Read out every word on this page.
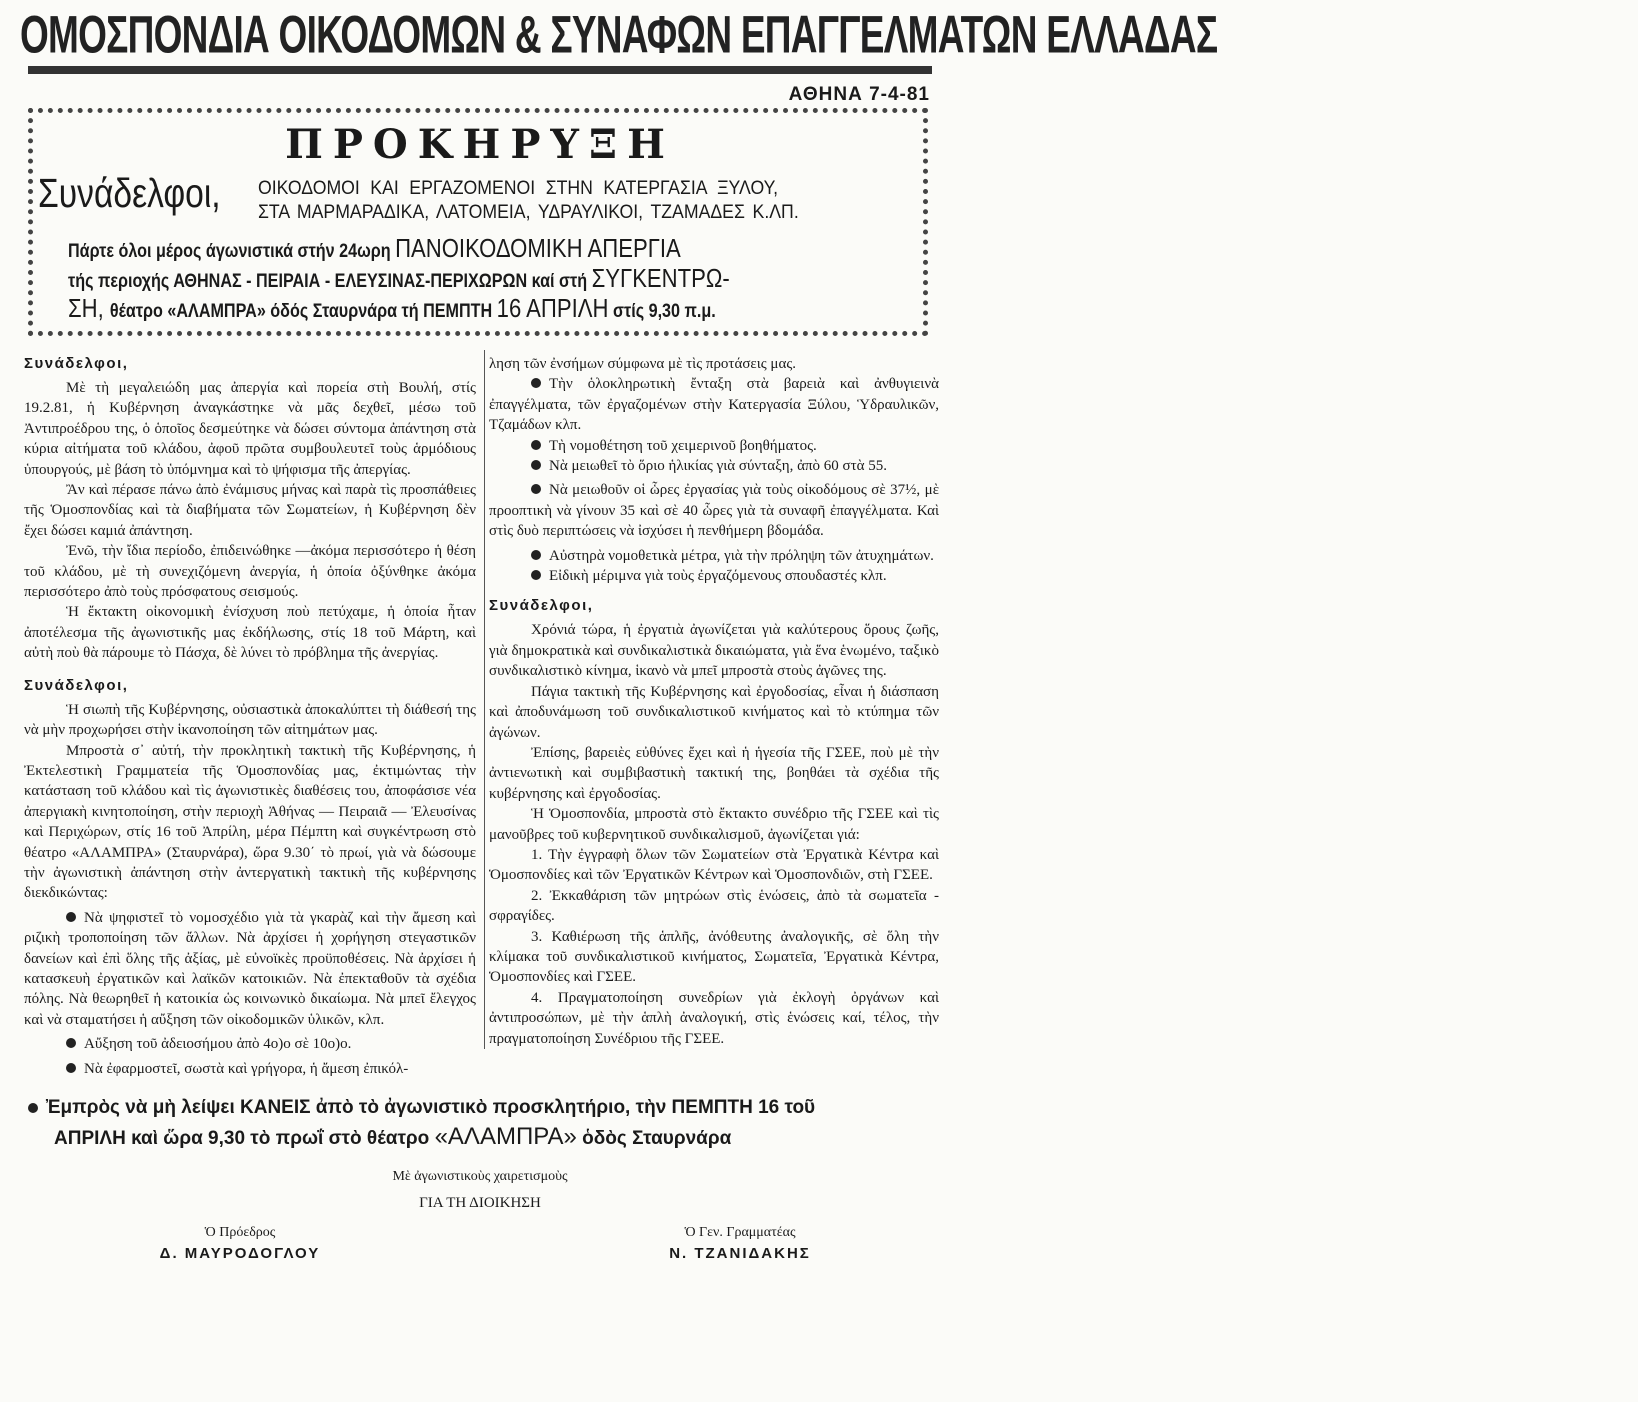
ΟΜΟΣΠΟΝΔΙΑ ΟΙΚΟΔΟΜΩΝ & ΣΥΝΑΦΩΝ ΕΠΑΓΓΕΛΜΑΤΩΝ ΕΛΛΑΔΑΣ
ΑΘΗΝΑ 7-4-81
ΠΡΟΚΗΡΥΞΗ
Συνάδελφοι, ΟΙΚΟΔΟΜΟΙ ΚΑΙ ΕΡΓΑΖΟΜΕΝΟΙ ΣΤΗΝ ΚΑΤΕΡΓΑΣΙΑ ΞΥΛΟΥ,
ΣΤΑ ΜΑΡΜΑΡΑΔΙΚΑ, ΛΑΤΟΜΕΙΑ, ΥΔΡΑΥΛΙΚΟΙ, ΤΖΑΜΑΔΕΣ Κ.ΛΠ.
Πάρτε όλοι μέρος άγωνιστικά στήν 24ωρη ΠΑΝΟΙΚΟΔΟΜΙΚΗ ΑΠΕΡΓΙΑ
τής περιοχής ΑΘΗΝΑΣ - ΠΕΙΡΑΙΑ - ΕΛΕΥΣΙΝΑΣ-ΠΕΡΙΧΩΡΩΝ καί στή ΣΥΓΚΕΝΤΡΩ-
ΣΗ, θέατρο «ΑΛΑΜΠΡΑ» όδός Σταυρνάρα τή ΠΕΜΠΤΗ 16 ΑΠΡΙΛΗ στίς 9,30 π.μ.

Συνάδελφοι,

Μὲ τὴ μεγαλειώδη μας ἀπεργία καὶ πορεία στὴ Βουλή, στίς 19.2.81, ἡ Κυβέρνηση ἀναγκάστηκε νὰ μᾶς δεχθεῖ, μέσω τοῦ Ἀντιπροέδρου της, ὁ ὁποῖος δεσμεύτηκε νὰ δώσει σύντομα ἀπάντηση στὰ κύρια αἰτήματα τοῦ κλάδου, ἀφοῦ πρῶτα συμβουλευτεῖ τοὺς ἁρμόδιους ὑπουργούς, μὲ βάση τὸ ὑπόμνημα καὶ τὸ ψήφισμα τῆς ἀπεργίας.

Ἂν καὶ πέρασε πάνω ἀπὸ ἐνάμισυς μήνας καὶ παρὰ τὶς προσπάθειες τῆς Ὁμοσπονδίας καὶ τὰ διαβήματα τῶν Σωματείων, ἡ Κυβέρνηση δὲν ἔχει δώσει καμιά ἀπάντηση.

Ἐνῶ, τὴν ἴδια περίοδο, ἐπιδεινώθηκε —ἀκόμα περισσότερο ἡ θέση τοῦ κλάδου, μὲ τὴ συνεχιζόμενη ἀνεργία, ἡ ὁποία ὀξύνθηκε ἀκόμα περισσότερο ἀπὸ τοὺς πρόσφατους σεισμούς.

Ἡ ἔκτακτη οἰκονομικὴ ἐνίσχυση ποὺ πετύχαμε, ἡ ὁποία ἦταν ἀποτέλεσμα τῆς ἀγωνιστικῆς μας ἐκδήλωσης, στίς 18 τοῦ Μάρτη, καὶ αὐτὴ ποὺ θὰ πάρουμε τὸ Πάσχα, δὲ λύνει τὸ πρόβλημα τῆς ἀνεργίας.

Συνάδελφοι,

Ἡ σιωπὴ τῆς Κυβέρνησης, οὐσιαστικὰ ἀποκαλύπτει τὴ διάθεσή της νὰ μὴν προχωρήσει στὴν ἱκανοποίηση τῶν αἰτημάτων μας.

Μπροστὰ σ᾽ αὐτή, τὴν προκλητικὴ τακτικὴ τῆς Κυβέρνησης, ἡ Ἐκτελεστικὴ Γραμματεία τῆς Ὁμοσπονδίας μας, ἐκτιμώντας τὴν κατάσταση τοῦ κλάδου καὶ τὶς ἀγωνιστικὲς διαθέσεις του, ἀποφάσισε νέα ἀπεργιακὴ κινητοποίηση, στὴν περιοχὴ Ἀθήνας — Πειραιᾶ — Ἐλευσίνας καὶ Περιχώρων, στίς 16 τοῦ Ἀπρίλη, μέρα Πέμπτη καὶ συγκέντρωση στὸ θέατρο «ΑΛΑΜΠΡΑ» (Σταυρνάρα), ὥρα 9.30΄ τὸ πρωί, γιὰ νὰ δώσουμε τὴν ἀγωνιστικὴ ἀπάντηση στὴν ἀντεργατικὴ τακτικὴ τῆς κυβέρνησης διεκδικώντας:

Νὰ ψηφιστεῖ τὸ νομοσχέδιο γιὰ τὰ γκαρὰζ καὶ τὴν ἄμεση καὶ ριζικὴ τροποποίηση τῶν ἄλλων. Νὰ ἀρχίσει ἡ χορήγηση στεγαστικῶν δανείων καὶ ἐπὶ ὅλης τῆς ἀξίας, μὲ εὐνοϊκὲς προϋποθέσεις. Νὰ ἀρχίσει ἡ κατασκευὴ ἐργατικῶν καὶ λαϊκῶν κατοικιῶν. Νὰ ἐπεκταθοῦν τὰ σχέδια πόλης. Νὰ θεωρηθεῖ ἡ κατοικία ὡς κοινωνικὸ δικαίωμα. Νὰ μπεῖ ἔλεγχος καὶ νὰ σταματήσει ἡ αὔξηση τῶν οἰκοδομικῶν ὑλικῶν, κλπ.

Αὔξηση τοῦ ἀδειοσήμου ἀπὸ 4ο)ο σὲ 10ο)ο.

Νὰ ἐφαρμοστεῖ, σωστὰ καὶ γρήγορα, ἡ ἄμεση ἐπικόλ-

ληση τῶν ἐνσήμων σύμφωνα μὲ τὶς προτάσεις μας.

Τὴν ὁλοκληρωτικὴ ἔνταξη στὰ βαρειὰ καὶ ἀνθυγιεινὰ ἐπαγγέλματα, τῶν ἐργαζομένων στὴν Κατεργασία Ξύλου, Ὑδραυλικῶν, Τζαμάδων κλπ.

Τὴ νομοθέτηση τοῦ χειμερινοῦ βοηθήματος.

Νὰ μειωθεῖ τὸ ὅριο ἡλικίας γιὰ σύνταξη, ἀπὸ 60 στὰ 55.

Νὰ μειωθοῦν οἱ ὧρες ἐργασίας γιὰ τοὺς οἰκοδόμους σὲ 37½, μὲ προοπτικὴ νὰ γίνουν 35 καὶ σὲ 40 ὧρες γιὰ τὰ συναφῆ ἐπαγγέλματα. Καὶ στὶς δυὸ περιπτώσεις νὰ ἰσχύσει ἡ πενθήμερη βδομάδα.

Αὐστηρὰ νομοθετικὰ μέτρα, γιὰ τὴν πρόληψη τῶν ἀτυχημάτων.

Εἰδικὴ μέριμνα γιὰ τοὺς ἐργαζόμενους σπουδαστές κλπ.

Συνάδελφοι,

Χρόνιά τώρα, ἡ ἐργατιὰ ἀγωνίζεται γιὰ καλύτερους ὅρους ζωῆς, γιὰ δημοκρατικὰ καὶ συνδικαλιστικὰ δικαιώματα, γιὰ ἕνα ἑνωμένο, ταξικὸ συνδικαλιστικὸ κίνημα, ἱκανὸ νὰ μπεῖ μπροστὰ στοὺς ἀγῶνες της.

Πάγια τακτικὴ τῆς Κυβέρνησης καὶ ἐργοδοσίας, εἶναι ἡ διάσπαση καὶ ἀποδυνάμωση τοῦ συνδικαλιστικοῦ κινήματος καὶ τὸ κτύπημα τῶν ἀγώνων.

Ἐπίσης, βαρειὲς εὐθύνες ἔχει καὶ ἡ ἡγεσία τῆς ΓΣΕΕ, ποὺ μὲ τὴν ἀντιενωτικὴ καὶ συμβιβαστικὴ τακτική της, βοηθάει τὰ σχέδια τῆς κυβέρνησης καὶ ἐργοδοσίας.

Ἡ Ὁμοσπονδία, μπροστὰ στὸ ἔκτακτο συνέδριο τῆς ΓΣΕΕ καὶ τὶς μανοῦβρες τοῦ κυβερνητικοῦ συνδικαλισμοῦ, ἀγωνίζεται γιά:

1. Τὴν ἐγγραφὴ ὅλων τῶν Σωματείων στὰ Ἐργατικὰ Κέντρα καὶ Ὁμοσπονδίες καὶ τῶν Ἐργατικῶν Κέντρων καὶ Ὁμοσπονδιῶν, στὴ ΓΣΕΕ.

2. Ἐκκαθάριση τῶν μητρώων στὶς ἑνώσεις, ἀπὸ τὰ σωματεῖα - σφραγίδες.

3. Καθιέρωση τῆς ἁπλῆς, ἀνόθευτης ἀναλογικῆς, σὲ ὅλη τὴν κλίμακα τοῦ συνδικαλιστικοῦ κινήματος, Σωματεῖα, Ἐργατικὰ Κέντρα, Ὁμοσπονδίες καὶ ΓΣΕΕ.

4. Πραγματοποίηση συνεδρίων γιὰ ἐκλογὴ ὀργάνων καὶ ἀντιπροσώπων, μὲ τὴν ἁπλὴ ἀναλογική, στὶς ἑνώσεις καί, τέλος, τὴν πραγματοποίηση Συνέδριου τῆς ΓΣΕΕ.

Ἐμπρὸς νὰ μὴ λείψει ΚΑΝΕΙΣ ἀπὸ τὸ ἀγωνιστικὸ προσκλητήριο, τὴν ΠΕΜΠΤΗ 16 τοῦ
ΑΠΡΙΛΗ καὶ ὥρα 9,30 τὸ πρωΐ στὸ θέατρο «ΑΛΑΜΠΡΑ» ὁδὸς Σταυρνάρα
Μὲ ἀγωνιστικοὺς χαιρετισμοὺς
ΓΙΑ ΤΗ ΔΙΟΙΚΗΣΗ
Ὁ Πρόεδρος
Δ. ΜΑΥΡΟΔΟΓΛΟΥ
Ὁ Γεν. Γραμματέας
Ν. ΤΖΑΝΙΔΑΚΗΣ
